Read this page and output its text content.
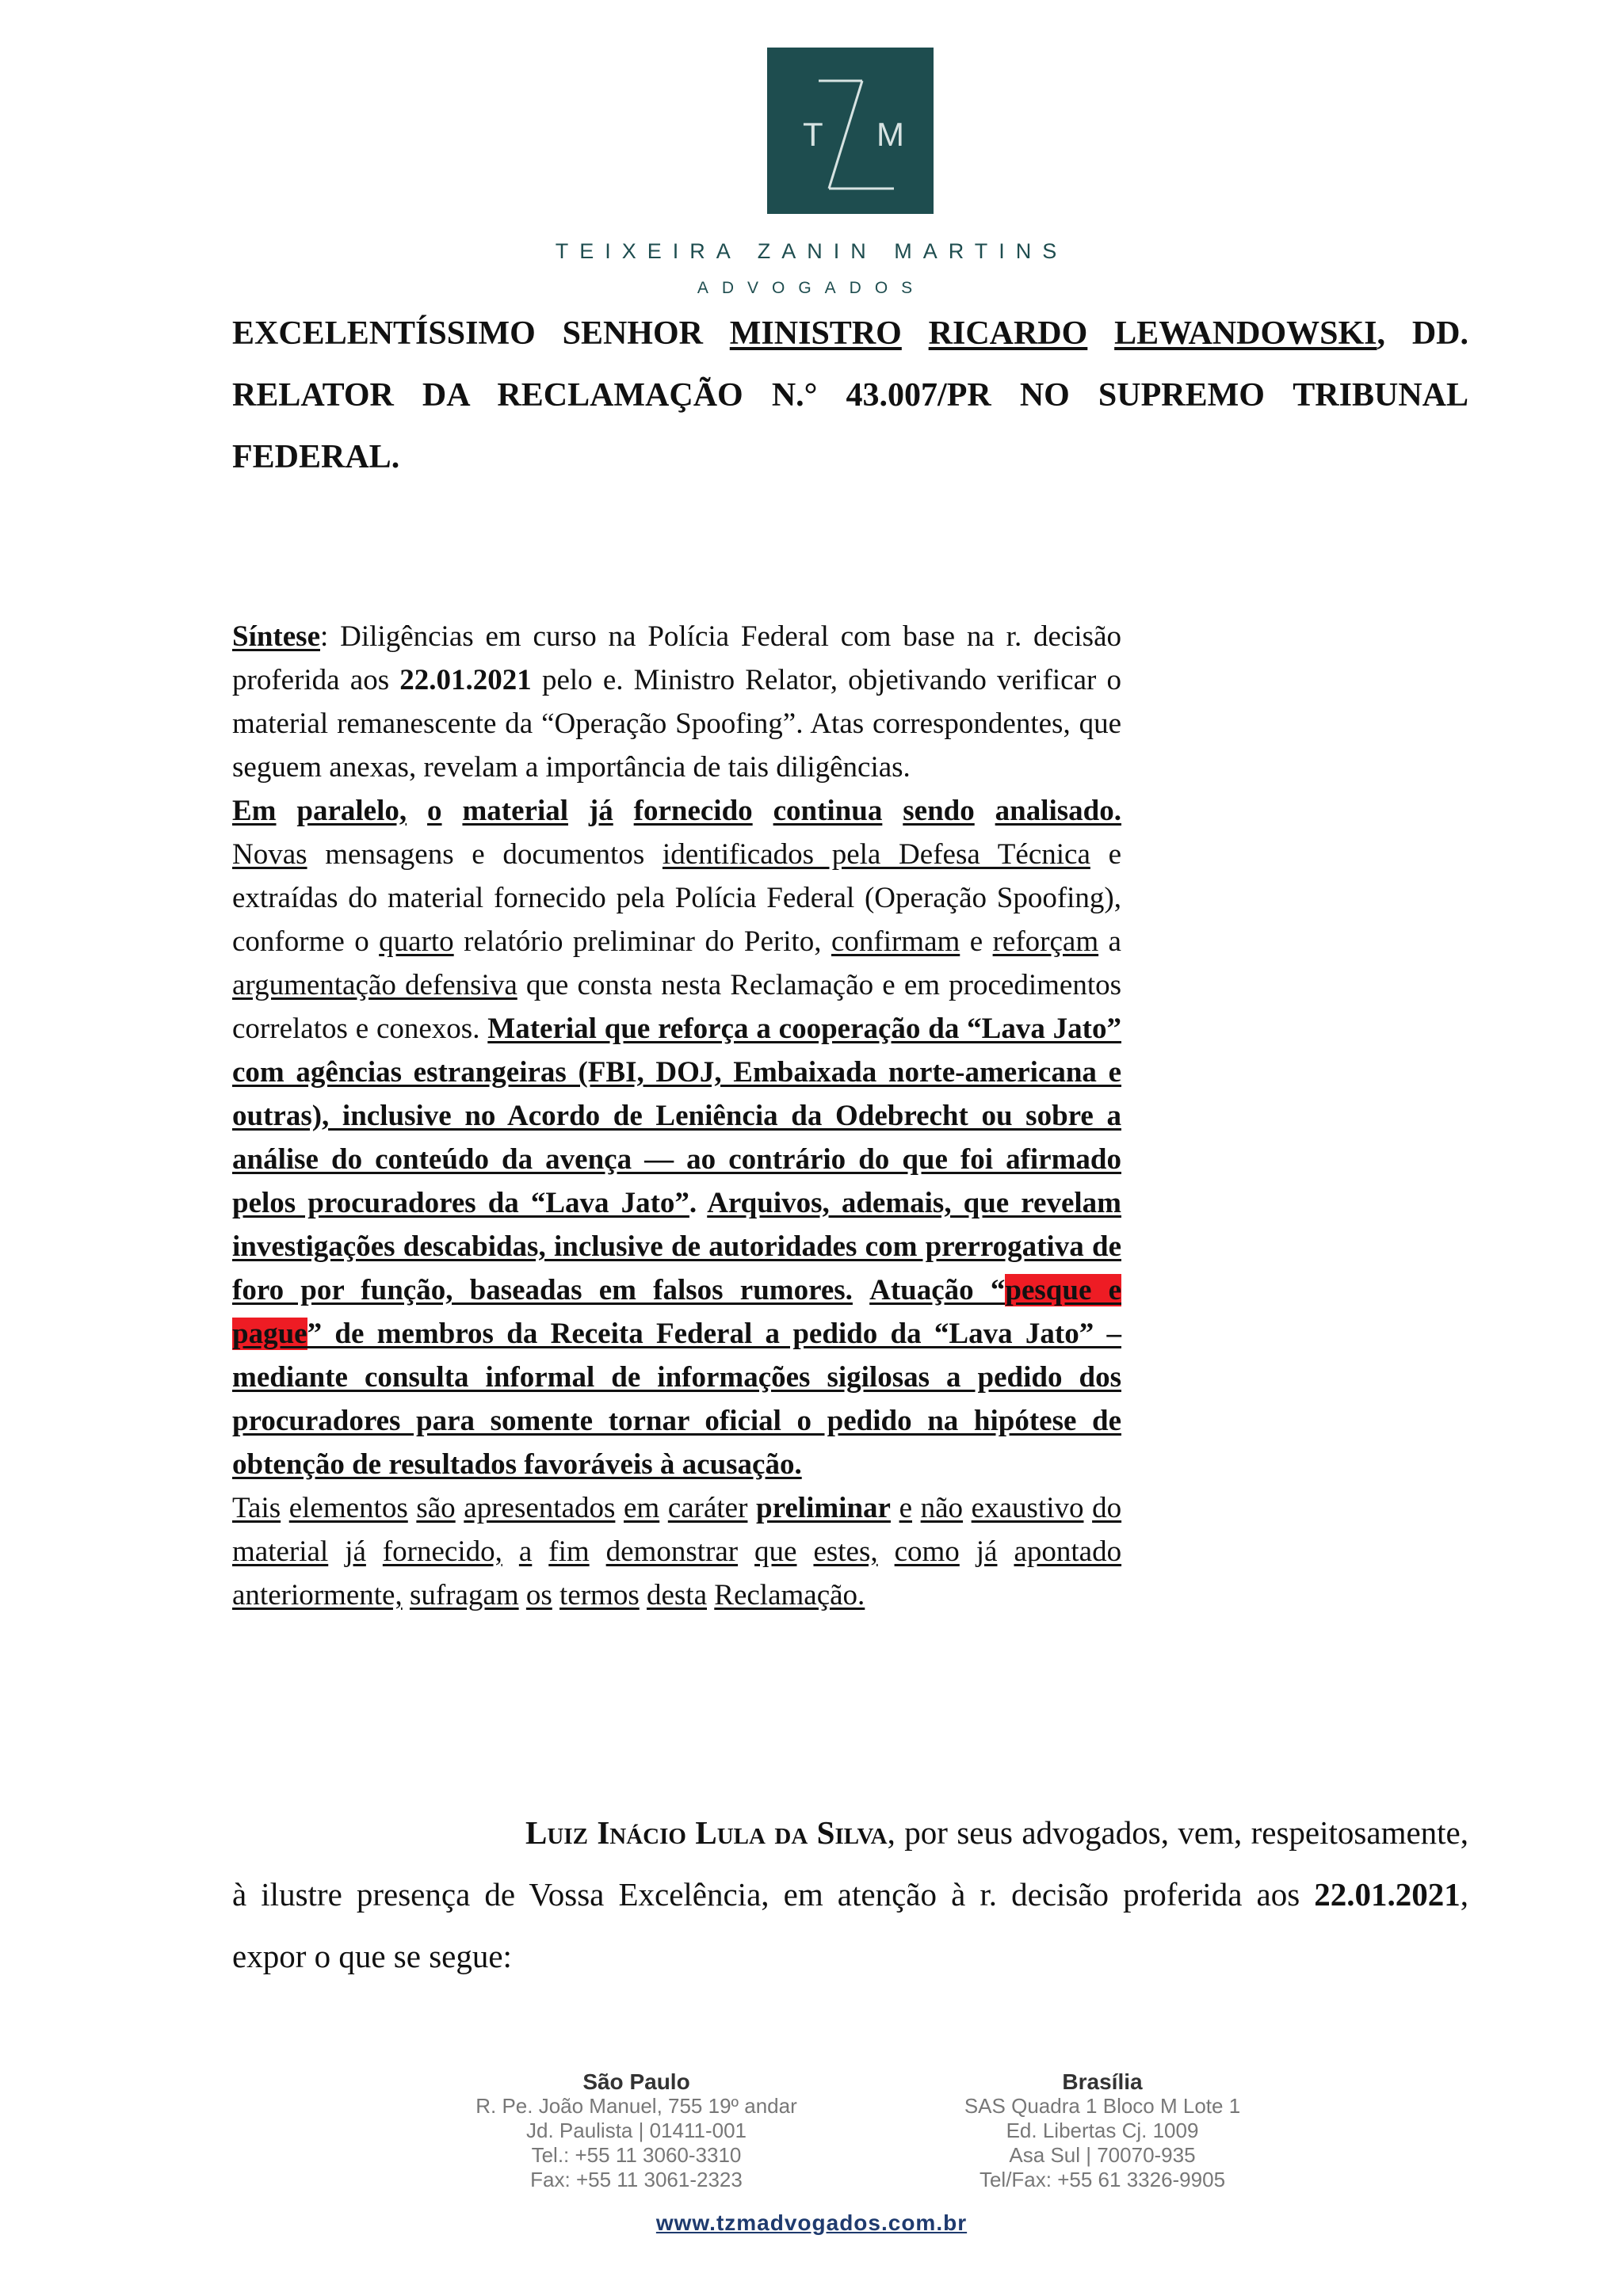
T M
TEIXEIRA ZANIN MARTINS
ADVOGADOS

EXCELENTÍSSIMO SENHOR MINISTRO RICARDO LEWANDOWSKI, DD.

RELATOR DA RECLAMAÇÃO N.° 43.007/PR NO SUPREMO TRIBUNAL

FEDERAL.

Síntese: Diligências em curso na Polícia Federal com base na r. decisão proferida aos 22.01.2021 pelo e. Ministro Relator, objetivando verificar o material remanescente da “Operação Spoofing”. Atas correspondentes, que seguem anexas, revelam a importância de tais diligências.

Em paralelo, o material já fornecido continua sendo analisado.

Novas mensagens e documentos identificados pela Defesa Técnica e extraídas do material fornecido pela Polícia Federal (Operação Spoofing), conforme o quarto relatório preliminar do Perito, confirmam e reforçam a argumentação defensiva que consta nesta Reclamação e em procedimentos correlatos e conexos. Material que reforça a cooperação da “Lava Jato” com agências estrangeiras (FBI, DOJ, Embaixada norte-americana e outras), inclusive no Acordo de Leniência da Odebrecht ou sobre a análise do conteúdo da avença — ao contrário do que foi afirmado pelos procuradores da “Lava Jato”. Arquivos, ademais, que revelam investigações descabidas, inclusive de autoridades com prerrogativa de foro por função, baseadas em falsos rumores. Atuação “pesque e pague” de membros da Receita Federal a pedido da “Lava Jato” – mediante consulta informal de informações sigilosas a pedido dos procuradores para somente tornar oficial o pedido na hipótese de obtenção de resultados favoráveis à acusação.

Tais elementos são apresentados em caráter preliminar e não exaustivo do material já fornecido, a fim demonstrar que estes, como já apontado anteriormente, sufragam os termos desta Reclamação.

Luiz Inácio Lula da Silva, por seus advogados, vem, respeitosamente, à ilustre presença de Vossa Excelência, em atenção à r. decisão proferida aos 22.01.2021, expor o que se segue:

São Paulo
R. Pe. João Manuel, 755 19º andar
Jd. Paulista | 01411-001
Tel.: +55 11 3060-3310
Fax: +55 11 3061-2323
Brasília
SAS Quadra 1 Bloco M Lote 1
Ed. Libertas Cj. 1009
Asa Sul | 70070-935
Tel/Fax: +55 61 3326-9905
www.tzmadvogados.com.br
